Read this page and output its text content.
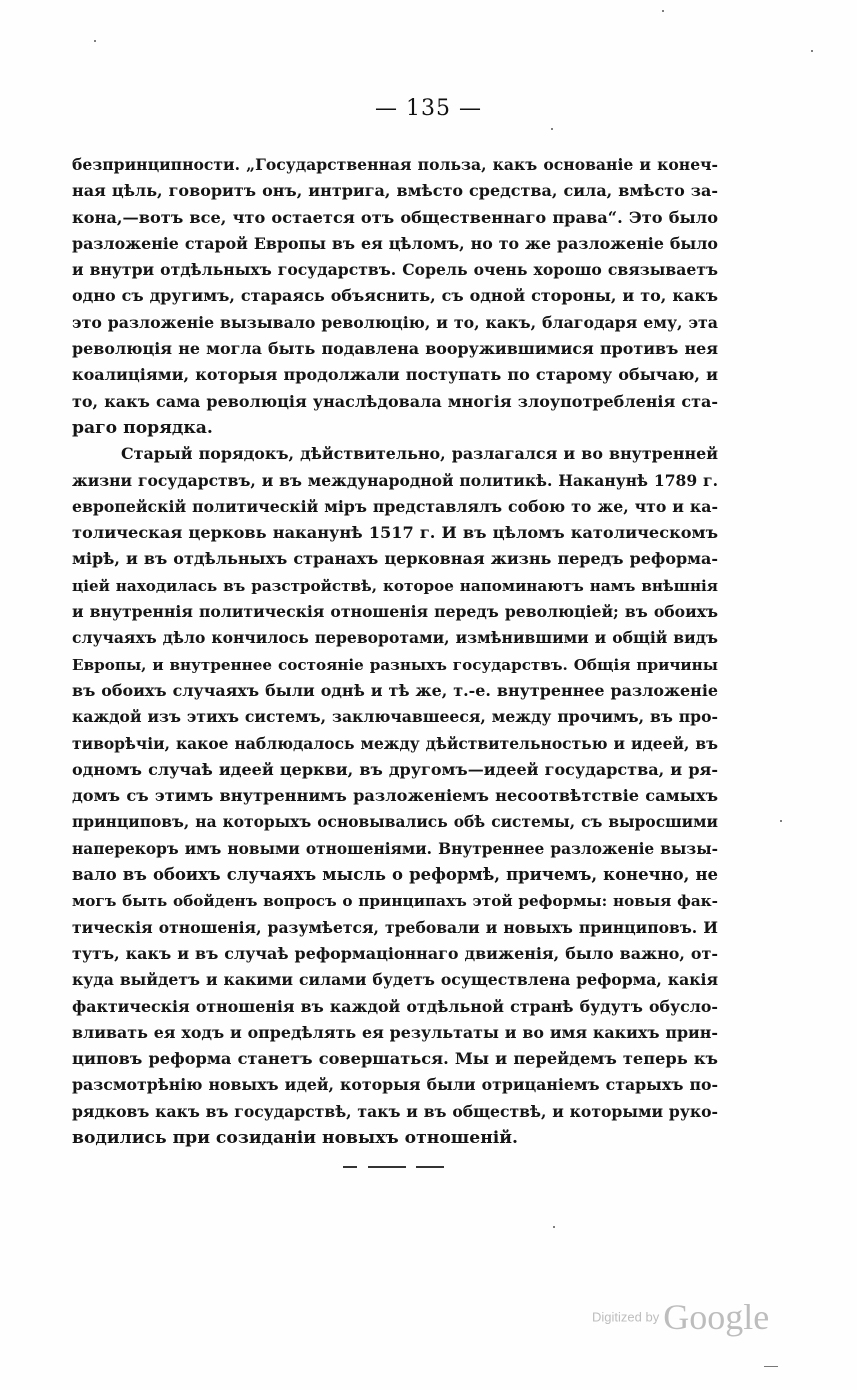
— 135 —
безпринципности. „Государственная польза, какъ основаніе и конеч-
ная цѣль, говоритъ онъ, интрига, вмѣсто средства, сила, вмѣсто за-
кона,—вотъ все, что остается отъ общественнаго права“. Это было
разложеніе старой Европы въ ея цѣломъ, но то же разложеніе было
и внутри отдѣльныхъ государствъ. Сорель очень хорошо связываетъ
одно съ другимъ, стараясь объяснить, съ одной стороны, и то, какъ
это разложеніе вызывало революцію, и то, какъ, благодаря ему, эта
революція не могла быть подавлена вооружившимися противъ нея
коалиціями, которыя продолжали поступать по старому обычаю, и
то, какъ сама революція унаслѣдовала многія злоупотребленія ста-
раго порядка.
Старый порядокъ, дѣйствительно, разлагался и во внутренней
жизни государствъ, и въ международной политикѣ. Наканунѣ 1789 г.
европейскій политическій міръ представлялъ собою то же, что и ка-
толическая церковь наканунѣ 1517 г. И въ цѣломъ католическомъ
мірѣ, и въ отдѣльныхъ странахъ церковная жизнь передъ реформа-
ціей находилась въ разстройствѣ, которое напоминаютъ намъ внѣшнія
и внутреннія политическія отношенія передъ революціей; въ обоихъ
случаяхъ дѣло кончилось переворотами, измѣнившими и общій видъ
Европы, и внутреннее состояніе разныхъ государствъ. Общія причины
въ обоихъ случаяхъ были однѣ и тѣ же, т.-е. внутреннее разложеніе
каждой изъ этихъ системъ, заключавшееся, между прочимъ, въ про-
тиворѣчіи, какое наблюдалось между дѣйствительностью и идеей, въ
одномъ случаѣ идеей церкви, въ другомъ—идеей государства, и ря-
домъ съ этимъ внутреннимъ разложеніемъ несоотвѣтствіе самыхъ
принциповъ, на которыхъ основывались обѣ системы, съ выросшими
наперекоръ имъ новыми отношеніями. Внутреннее разложеніе вызы-
вало въ обоихъ случаяхъ мысль о реформѣ, причемъ, конечно, не
могъ быть обойденъ вопросъ о принципахъ этой реформы: новыя фак-
тическія отношенія, разумѣется, требовали и новыхъ принциповъ. И
тутъ, какъ и въ случаѣ реформаціоннаго движенія, было важно, от-
куда выйдетъ и какими силами будетъ осуществлена реформа, какія
фактическія отношенія въ каждой отдѣльной странѣ будутъ обусло-
вливать ея ходъ и опредѣлять ея результаты и во имя какихъ прин-
циповъ реформа станетъ совершаться. Мы и перейдемъ теперь къ
разсмотрѣнію новыхъ идей, которыя были отрицаніемъ старыхъ по-
рядковъ какъ въ государствѣ, такъ и въ обществѣ, и которыми руко-
водились при созиданіи новыхъ отношеній.
Digitized by Google
